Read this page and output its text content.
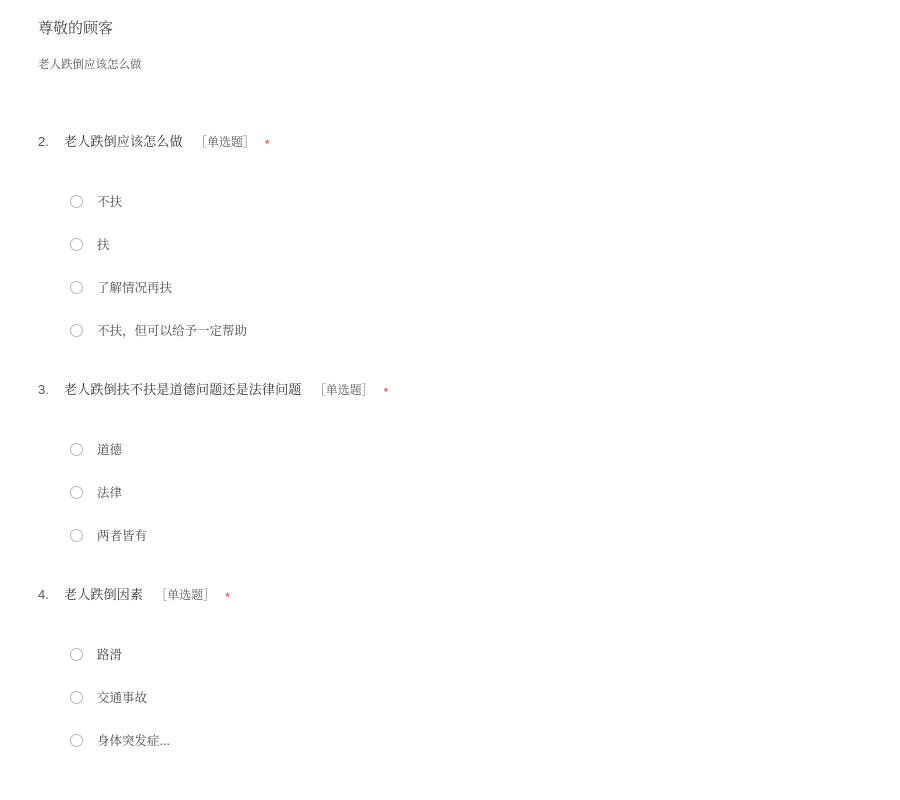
尊敬的顾客
老人跌倒应该怎么做
2.	老人跌倒应该怎么做 ［单选题］ *
不扶
扶
了解情况再扶
不扶，但可以给予一定帮助
3.	老人跌倒扶不扶是道德问题还是法律问题 ［单选题］ *
道德
法律
两者皆有
4.	老人跌倒因素 ［单选题］ *
路滑
交通事故
身体突发症...
